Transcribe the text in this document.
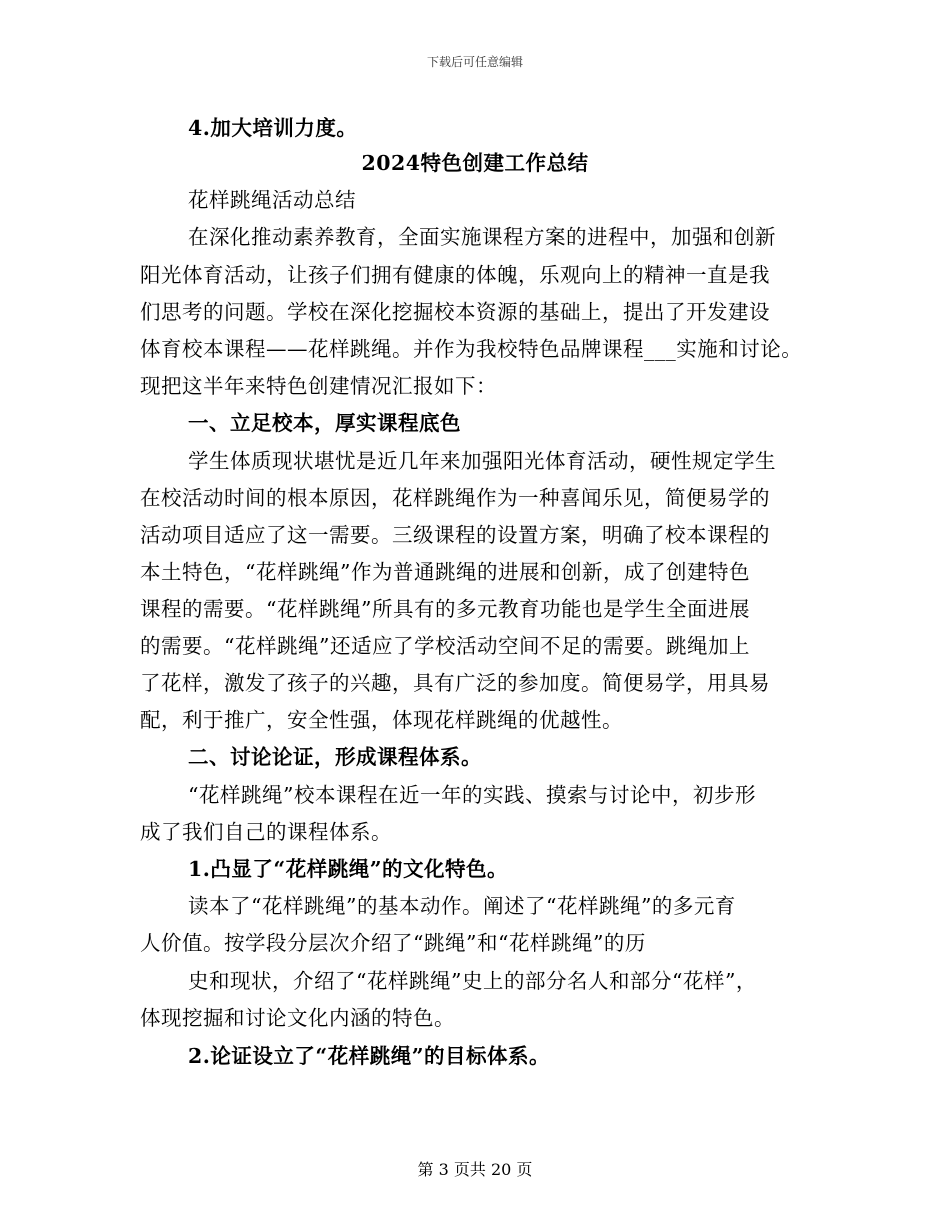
下载后可任意编辑
4.加大培训力度。
2024特色创建工作总结
花样跳绳活动总结
在深化推动素养教育，全面实施课程方案的进程中，加强和创新
阳光体育活动，让孩子们拥有健康的体魄，乐观向上的精神一直是我
们思考的问题。学校在深化挖掘校本资源的基础上，提出了开发建设
体育校本课程——花样跳绳。并作为我校特色品牌课程___实施和讨论。
现把这半年来特色创建情况汇报如下：
一、立足校本，厚实课程底色
学生体质现状堪忧是近几年来加强阳光体育活动，硬性规定学生
在校活动时间的根本原因，花样跳绳作为一种喜闻乐见，简便易学的
活动项目适应了这一需要。三级课程的设置方案，明确了校本课程的
本土特色，“花样跳绳”作为普通跳绳的进展和创新，成了创建特色
课程的需要。“花样跳绳”所具有的多元教育功能也是学生全面进展
的需要。“花样跳绳”还适应了学校活动空间不足的需要。跳绳加上
了花样，激发了孩子的兴趣，具有广泛的参加度。简便易学，用具易
配，利于推广，安全性强，体现花样跳绳的优越性。
二、讨论论证，形成课程体系。
“花样跳绳”校本课程在近一年的实践、摸索与讨论中，初步形
成了我们自己的课程体系。
1.凸显了“花样跳绳”的文化特色。
读本了“花样跳绳”的基本动作。阐述了“花样跳绳”的多元育
人价值。按学段分层次介绍了“跳绳”和“花样跳绳”的历
史和现状，介绍了“花样跳绳”史上的部分名人和部分“花样”，
体现挖掘和讨论文化内涵的特色。
2.论证设立了“花样跳绳”的目标体系。
第 3 页共 20 页
